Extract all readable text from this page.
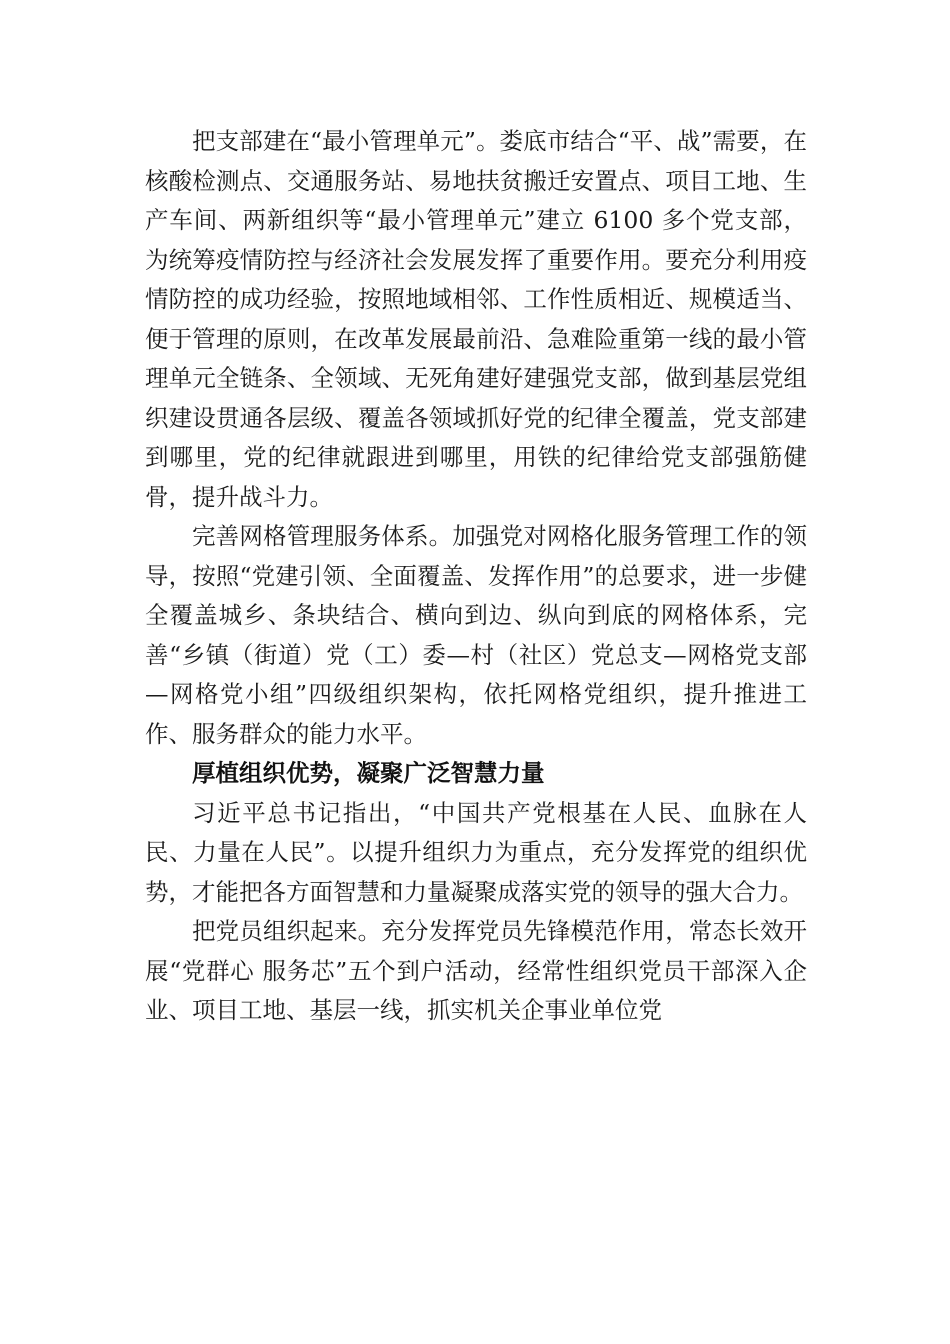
把支部建在“最小管理单元”。娄底市结合“平、战”需要，在核酸检测点、交通服务站、易地扶贫搬迁安置点、项目工地、生产车间、两新组织等“最小管理单元”建立 6100 多个党支部，为统筹疫情防控与经济社会发展发挥了重要作用。要充分利用疫情防控的成功经验，按照地域相邻、工作性质相近、规模适当、便于管理的原则，在改革发展最前沿、急难险重第一线的最小管理单元全链条、全领域、无死角建好建强党支部，做到基层党组织建设贯通各层级、覆盖各领域抓好党的纪律全覆盖，党支部建到哪里，党的纪律就跟进到哪里，用铁的纪律给党支部强筋健骨，提升战斗力。

完善网格管理服务体系。加强党对网格化服务管理工作的领导，按照“党建引领、全面覆盖、发挥作用”的总要求，进一步健全覆盖城乡、条块结合、横向到边、纵向到底的网格体系，完善“乡镇（街道）党（工）委—村（社区）党总支—网格党支部—网格党小组”四级组织架构，依托网格党组织，提升推进工作、服务群众的能力水平。

厚植组织优势，凝聚广泛智慧力量

习近平总书记指出，“中国共产党根基在人民、血脉在人民、力量在人民”。以提升组织力为重点，充分发挥党的组织优势，才能把各方面智慧和力量凝聚成落实党的领导的强大合力。

把党员组织起来。充分发挥党员先锋模范作用，常态长效开展“党群心 服务芯”五个到户活动，经常性组织党员干部深入企业、项目工地、基层一线，抓实机关企事业单位党
